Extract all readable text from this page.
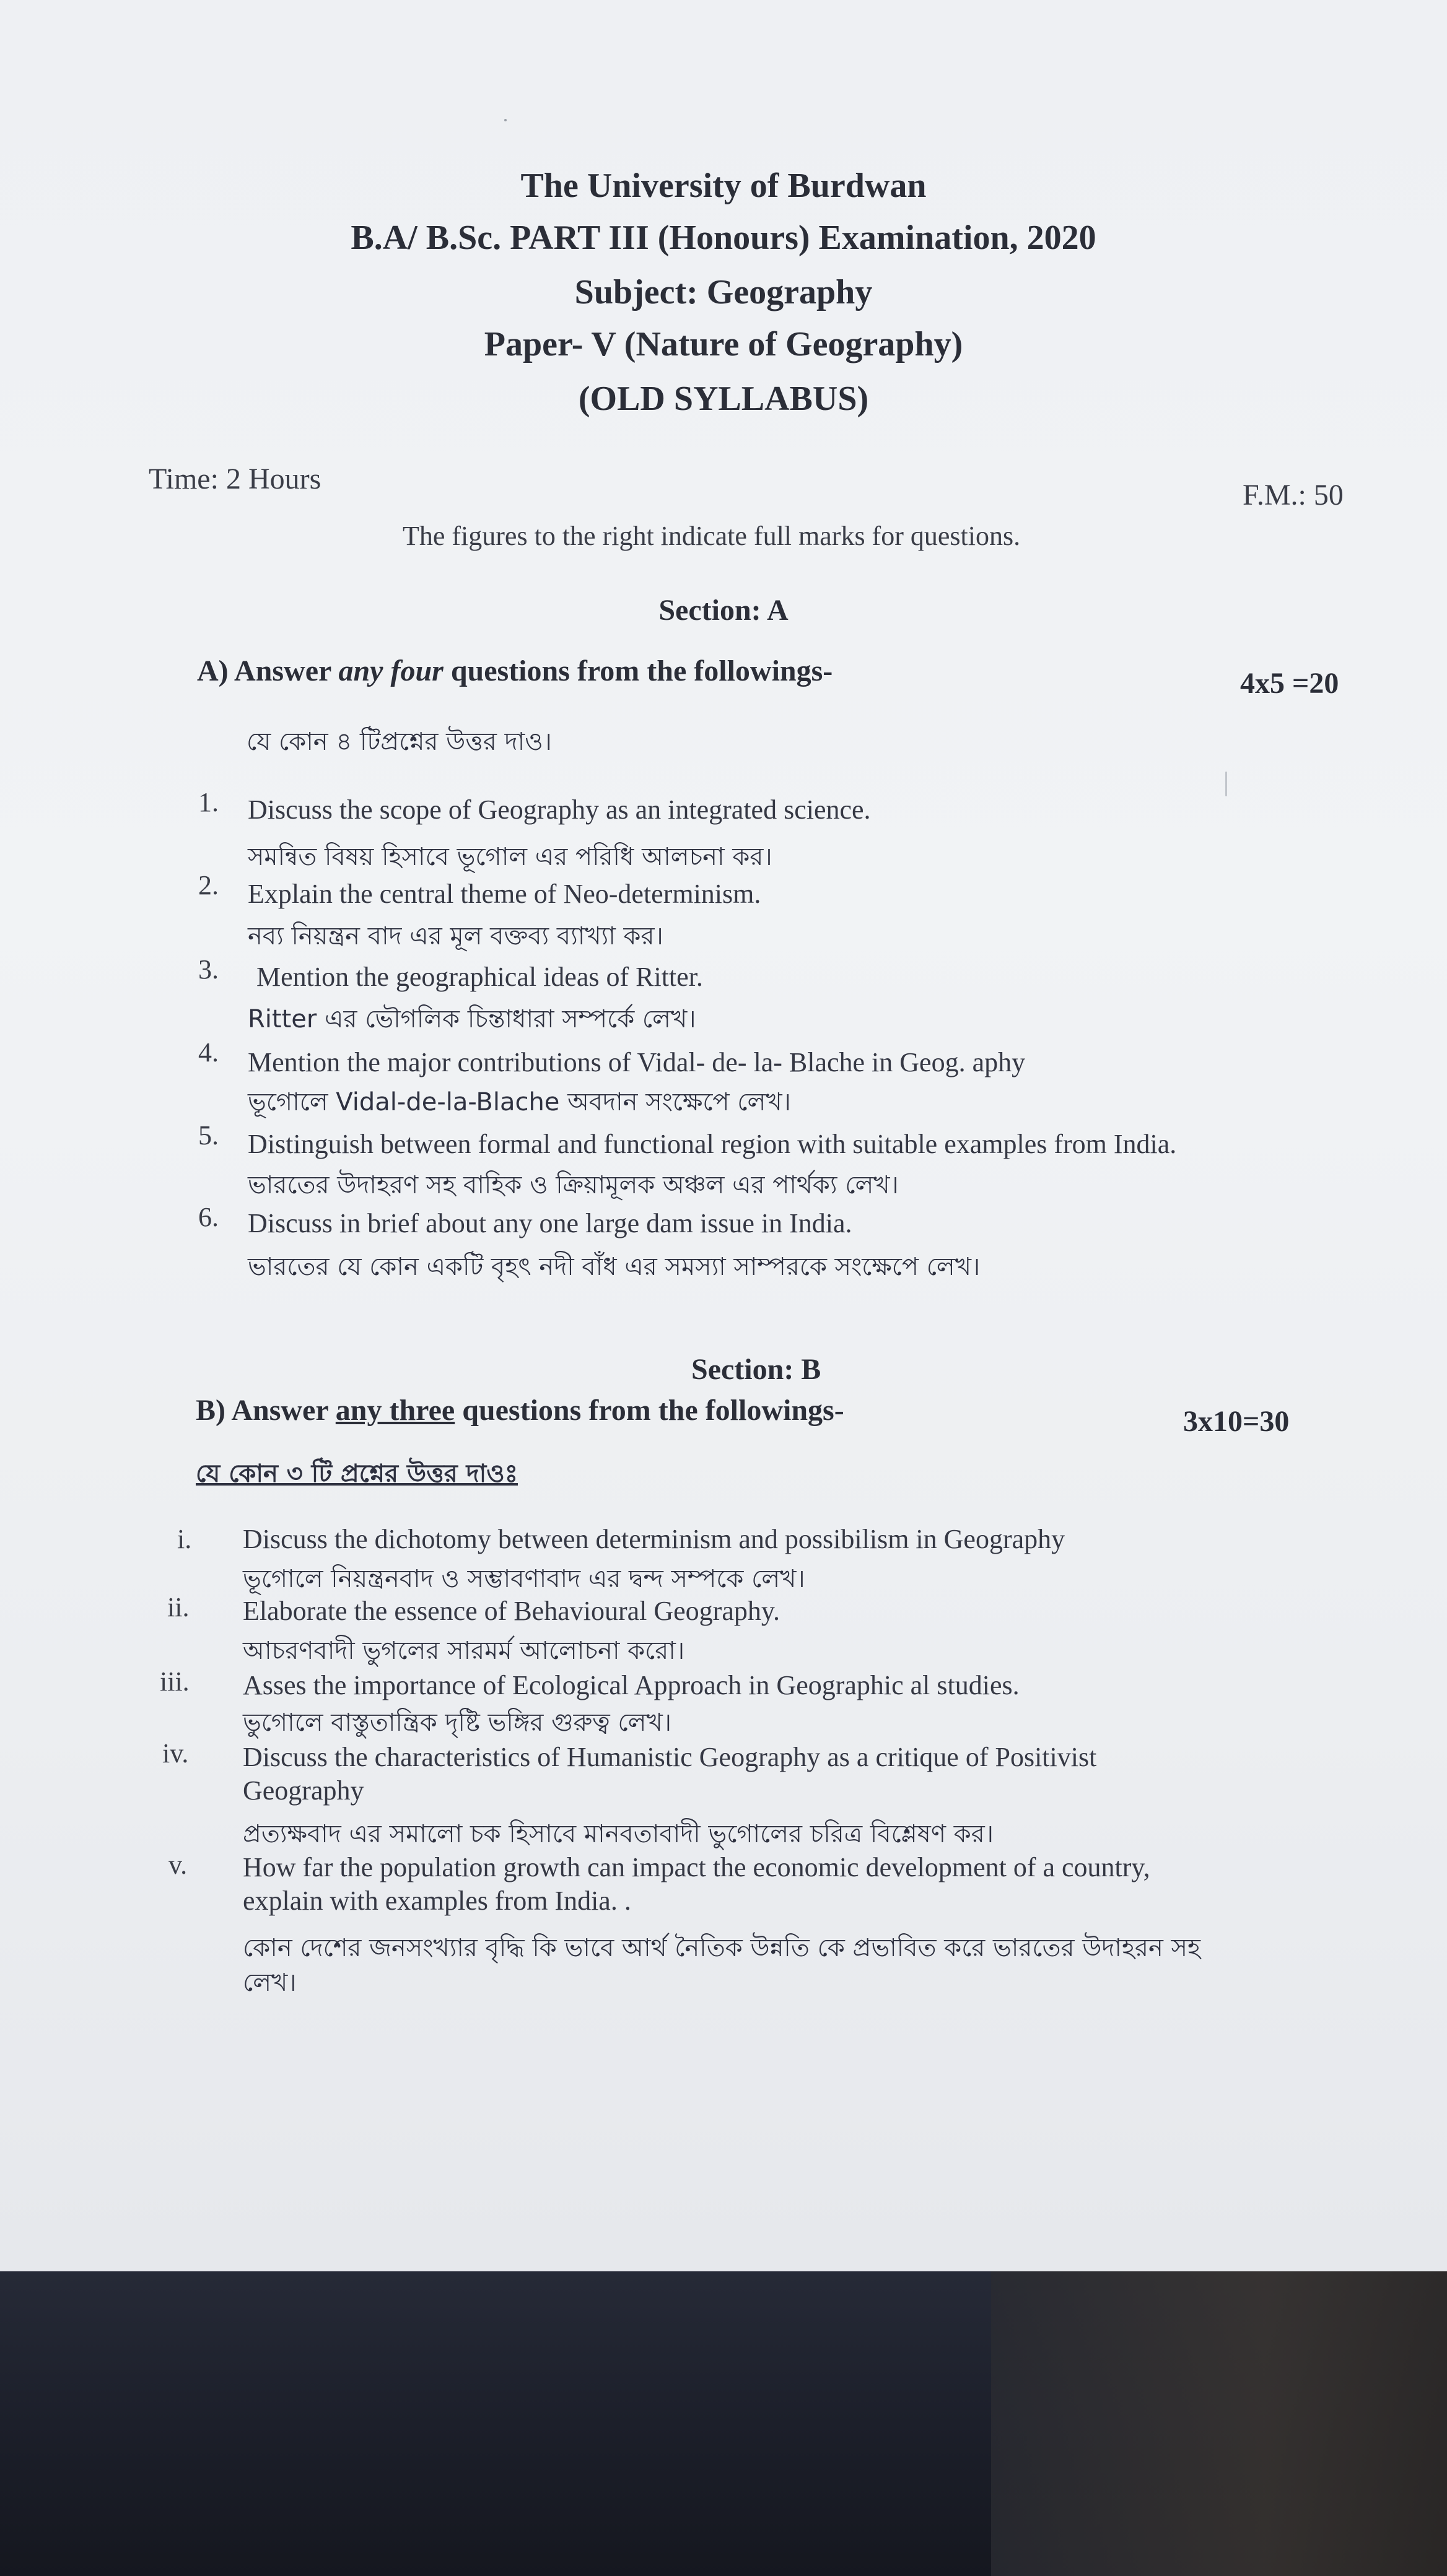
The University of Burdwan
B.A/ B.Sc. PART III (Honours) Examination, 2020
Subject: Geography
Paper- V (Nature of Geography)
(OLD SYLLABUS)
Time: 2 Hours	F.M.: 50
The figures to the right indicate full marks for questions.
Section: A
A) Answer any four questions from the followings-	4x5 =20
যে কোন ৪ টিপ্রশ্নের উত্তর দাও।
1. Discuss the scope of Geography as an integrated science.
সমন্বিত বিষয় হিসাবে ভূগোল এর পরিধি আলচনা কর।
2. Explain the central theme of Neo-determinism.
নব্য নিয়ন্ত্রন বাদ এর মূল বক্তব্য ব্যাখ্যা কর।
3. Mention the geographical ideas of Ritter.
Ritter এর ভৌগলিক চিন্তাধারা সম্পর্কে লেখ।
4. Mention the major contributions of Vidal- de- la- Blache in Geog. aphy
ভূগোলে Vidal-de-la-Blache অবদান সংক্ষেপে লেখ।
5. Distinguish between formal and functional region with suitable examples from India.
ভারতের উদাহরণ সহ বাহিক ও ক্রিয়ামূলক অঞ্চল এর পার্থক্য লেখ।
6. Discuss in brief about any one large dam issue in India.
ভারতের যে কোন একটি বৃহৎ নদী বাঁধ এর সমস্যা সাম্পরকে সংক্ষেপে লেখ।
Section: B
B) Answer any three questions from the followings-	3x10=30
যে কোন ৩ টি প্রশ্নের উত্তর দাওঃ
i. Discuss the dichotomy between determinism and possibilism in Geography
ভূগোলে নিয়ন্ত্রনবাদ ও সম্ভাবণাবাদ এর দ্বন্দ সম্পকে লেখ।
ii. Elaborate the essence of Behavioural Geography.
আচরণবাদী ভুগলের সারমর্ম আলোচনা করো।
iii. Asses the importance of Ecological Approach in Geographic al studies.
ভুগোলে বাস্তুতান্ত্রিক দৃষ্টি ভঙ্গির গুরুত্ব লেখ।
iv. Discuss the characteristics of Humanistic Geography as a critique of Positivist
Geography
প্রত্যক্ষবাদ এর সমালো চক হিসাবে মানবতাবাদী ভুগোলের চরিত্র বিশ্লেষণ কর।
v. How far the population growth can impact the economic development of a country,
explain with examples from India. .
কোন দেশের জনসংখ্যার বৃদ্ধি কি ভাবে আর্থ নৈতিক উন্নতি কে প্রভাবিত করে ভারতের উদাহরন সহ
লেখ।
